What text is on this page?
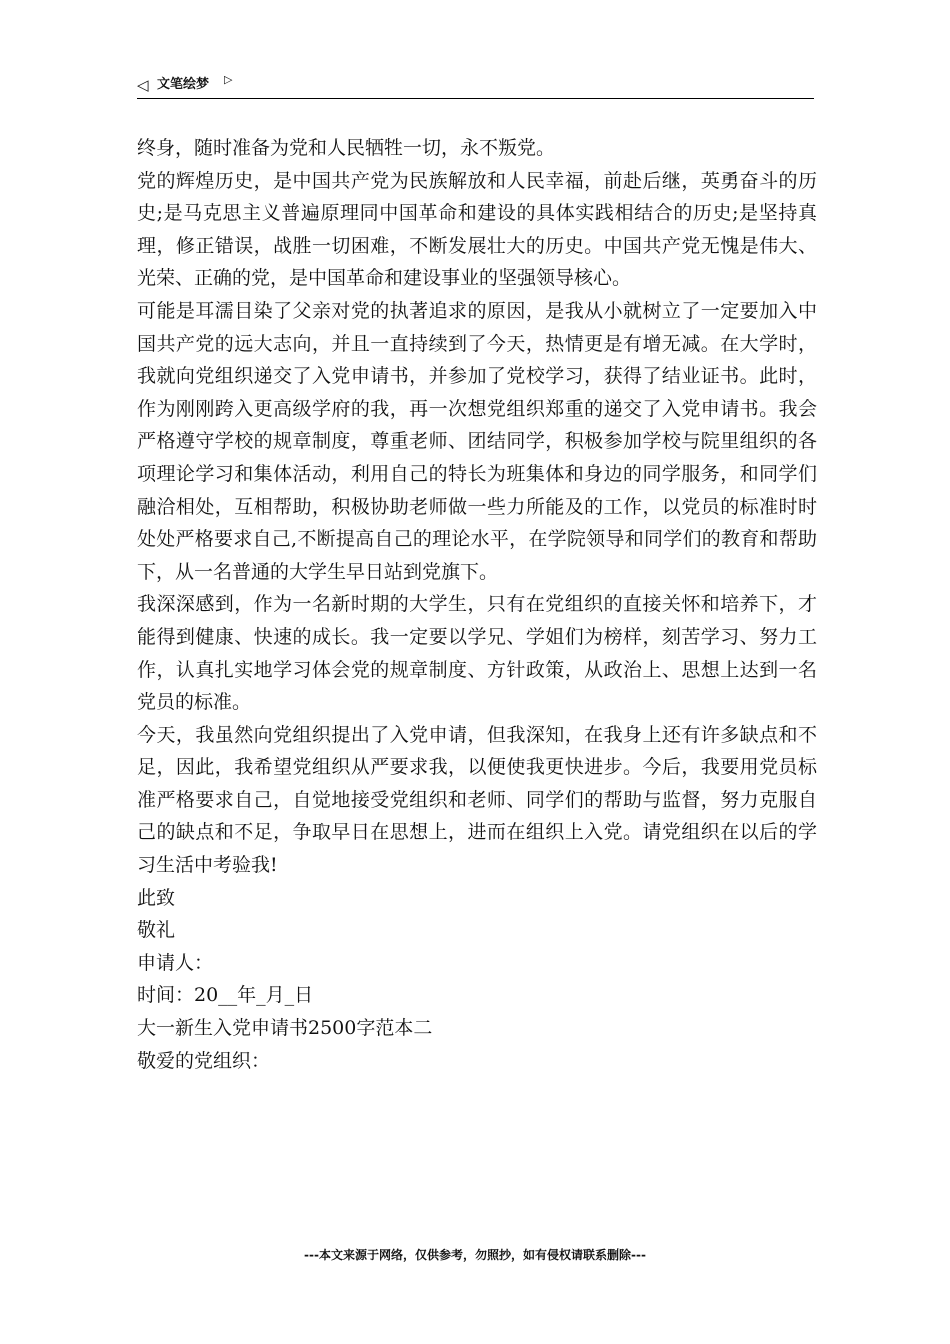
◁ 文笔绘梦 ▷

终身，随时准备为党和人民牺牲一切，永不叛党。

党的辉煌历史，是中国共产党为民族解放和人民幸福，前赴后继，英勇奋斗的历史;是马克思主义普遍原理同中国革命和建设的具体实践相结合的历史;是坚持真理，修正错误，战胜一切困难，不断发展壮大的历史。中国共产党无愧是伟大、光荣、正确的党，是中国革命和建设事业的坚强领导核心。

可能是耳濡目染了父亲对党的执著追求的原因，是我从小就树立了一定要加入中国共产党的远大志向，并且一直持续到了今天，热情更是有增无减。在大学时，我就向党组织递交了入党申请书，并参加了党校学习，获得了结业证书。此时，作为刚刚跨入更高级学府的我，再一次想党组织郑重的递交了入党申请书。我会严格遵守学校的规章制度，尊重老师、团结同学，积极参加学校与院里组织的各项理论学习和集体活动，利用自己的特长为班集体和身边的同学服务，和同学们融洽相处，互相帮助，积极协助老师做一些力所能及的工作，以党员的标准时时处处严格要求自己,不断提高自己的理论水平，在学院领导和同学们的教育和帮助下，从一名普通的大学生早日站到党旗下。

我深深感到，作为一名新时期的大学生，只有在党组织的直接关怀和培养下，才能得到健康、快速的成长。我一定要以学兄、学姐们为榜样，刻苦学习、努力工作，认真扎实地学习体会党的规章制度、方针政策，从政治上、思想上达到一名党员的标准。

今天，我虽然向党组织提出了入党申请，但我深知，在我身上还有许多缺点和不足，因此，我希望党组织从严要求我，以便使我更快进步。今后，我要用党员标准严格要求自己，自觉地接受党组织和老师、同学们的帮助与监督，努力克服自己的缺点和不足，争取早日在思想上，进而在组织上入党。请党组织在以后的学习生活中考验我!

此致

敬礼

申请人：

时间：20__年_月_日

大一新生入党申请书2500字范本二

敬爱的党组织：

---本文来源于网络，仅供参考，勿照抄，如有侵权请联系删除---
